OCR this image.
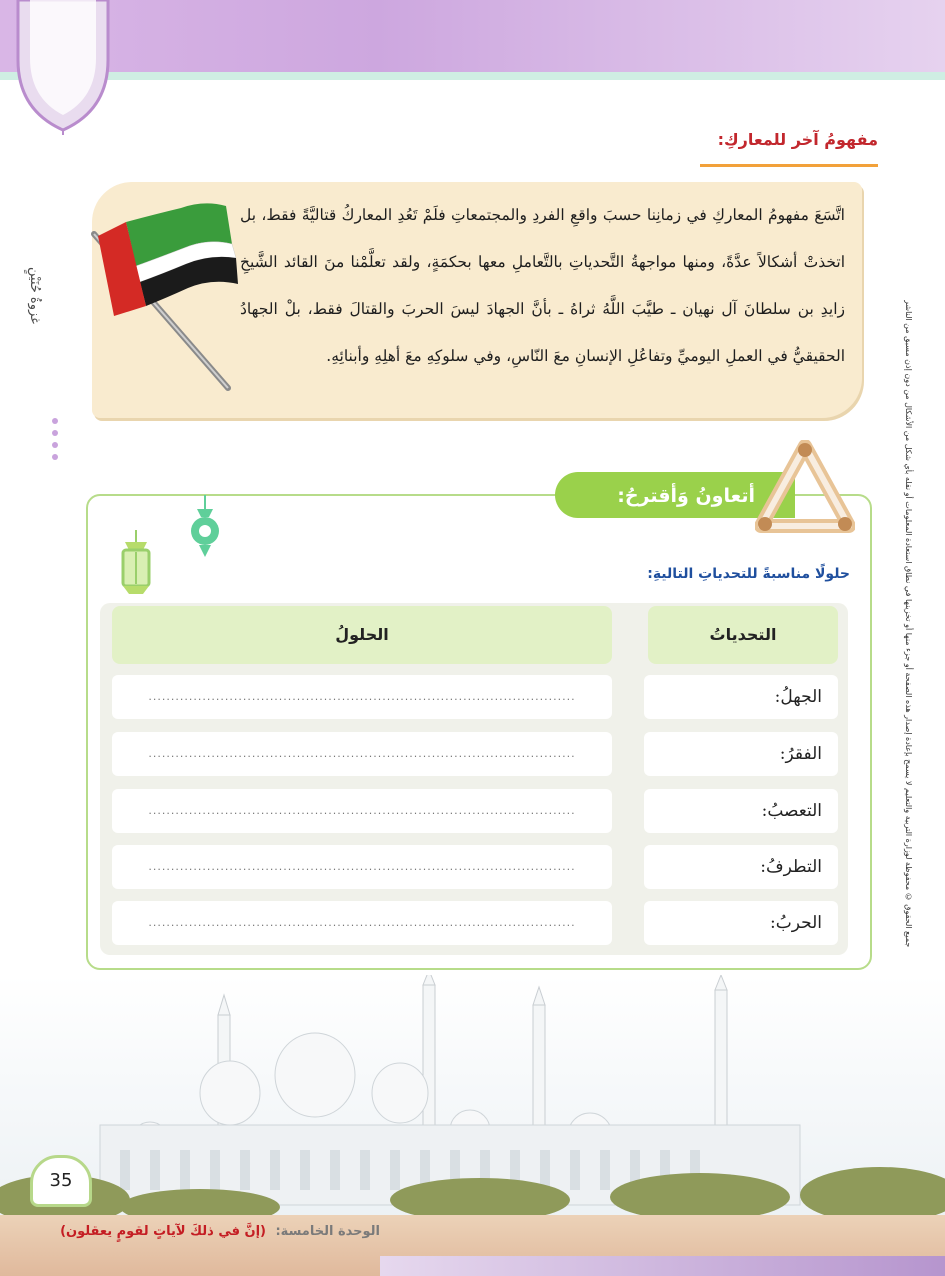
غزوةُ حُنَيْنٍ
جميع الحقوق © محفوظة لوزارة التربية والتعليم لا يسمح بإعادة إصدار هذه الصفحة أو جزء منها أو تخزينها في نطاق استعادة المعلومات أو نقله بأي شكل من الأشكال من دون إذن مسبق من الناشر
مفهومُ آخر للمعاركِ:
اتَّسَعَ مفهومُ المعاركِ في زمانِنا حسبَ واقعِ الفردِ والمجتمعاتِ فلَمْ تَعُدِ المعاركُ قتاليَّةً فقط، بل اتخذتْ أشكالاً عدَّةً، ومنها مواجهةُ التَّحدياتِ بالتَّعاملِ معها بحكمَةٍ، ولقد تعلَّمْنا منَ القائد الشَّيخِ زايدِ بن سلطانَ آل نهيان ـ طيَّبَ اللَّهُ ثراهُ ـ بأنَّ الجهادَ ليسَ الحربَ والقتالَ فقط، بلْ الجهادُ الحقيقيُّ في العملِ اليوميِّ وتفاعُلِ الإنسانِ معَ النّاسِ، وفي سلوكِهِ معَ أهلِهِ وأبنائِهِ.
أتعاونُ وَأقترحُ:
حلولًا مناسبةً للتحدياتِ التاليةِ:
التحدياتُ
الحلولُ
الجهلُ:
...............................................................................................
الفقرُ:
...............................................................................................
التعصبُ:
...............................................................................................
التطرفُ:
...............................................................................................
الحربُ:
...............................................................................................
35
الوحدة الخامسة:
(إنَّ في ذلكَ لآياتٍ لقومٍ يعقلون)
